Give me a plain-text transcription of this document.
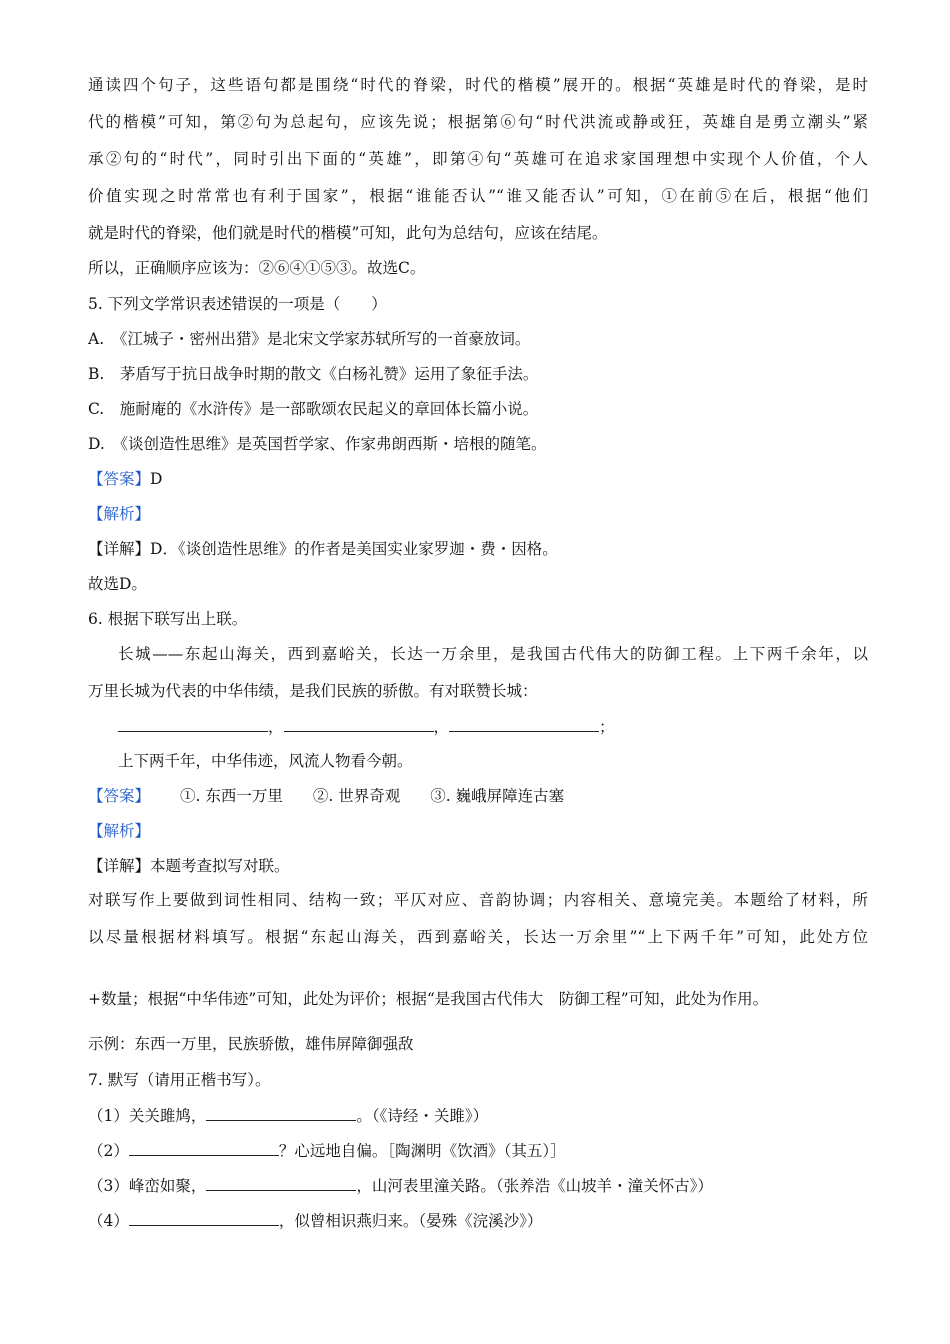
通读四个句子，这些语句都是围绕“时代的脊梁，时代的楷模”展开的。根据“英雄是时代的脊梁，是时
代的楷模”可知，第②句为总起句，应该先说；根据第⑥句“时代洪流或静或狂，英雄自是勇立潮头”紧
承②句的“时代”，同时引出下面的“英雄”，即第④句“英雄可在追求家国理想中实现个人价值，个人
价值实现之时常常也有利于国家”，根据“谁能否认”“谁又能否认”可知，①在前⑤在后，根据“他们
就是时代的脊梁，他们就是时代的楷模”可知，此句为总结句，应该在结尾。
所以，正确顺序应该为：②⑥④①⑤③。故选C。
5. 下列文学常识表述错误的一项是（　　）
A.　《江城子・密州出猎》是北宋文学家苏轼所写的一首豪放词。
B.　茅盾写于抗日战争时期的散文《白杨礼赞》运用了象征手法。
C.　施耐庵的《水浒传》是一部歌颂农民起义的章回体长篇小说。
D.　《谈创造性思维》是英国哲学家、作家弗朗西斯・培根的随笔。
【答案】D
【解析】
【详解】D．《谈创造性思维》的作者是美国实业家罗迦・费・因格。
故选D。
6. 根据下联写出上联。
长城——东起山海关，西到嘉峪关，长达一万余里，是我国古代伟大的防御工程。上下两千余年，以
万里长城为代表的中华伟绩，是我们民族的骄傲。有对联赞长城：
，	，	；
上下两千年，中华伟迹，风流人物看今朝。
【答案】 ①. 东西一万里 ②. 世界奇观 ③. 巍峨屏障连古塞
【解析】
【详解】本题考查拟写对联。
对联写作上要做到词性相同、结构一致；平仄对应、音韵协调；内容相关、意境完美。本题给了材料，所
以尽量根据材料填写。根据“东起山海关，西到嘉峪关，长达一万余里”“上下两千年”可知，此处方位
+数量；根据“中华伟迹”可知，此处为评价；根据“是我国古代伟大　防御工程”可知，此处为作用。
示例：东西一万里，民族骄傲，雄伟屏障御强敌
7. 默写（请用正楷书写）。
（1）关关雎鸠，	。（《诗经・关雎》）
（2）	？心远地自偏。［陶渊明《饮酒》（其五）］
（3）峰峦如聚，	，山河表里潼关路。（张养浩《山坡羊・潼关怀古》）
（4）	，似曾相识燕归来。（晏殊《浣溪沙》）
